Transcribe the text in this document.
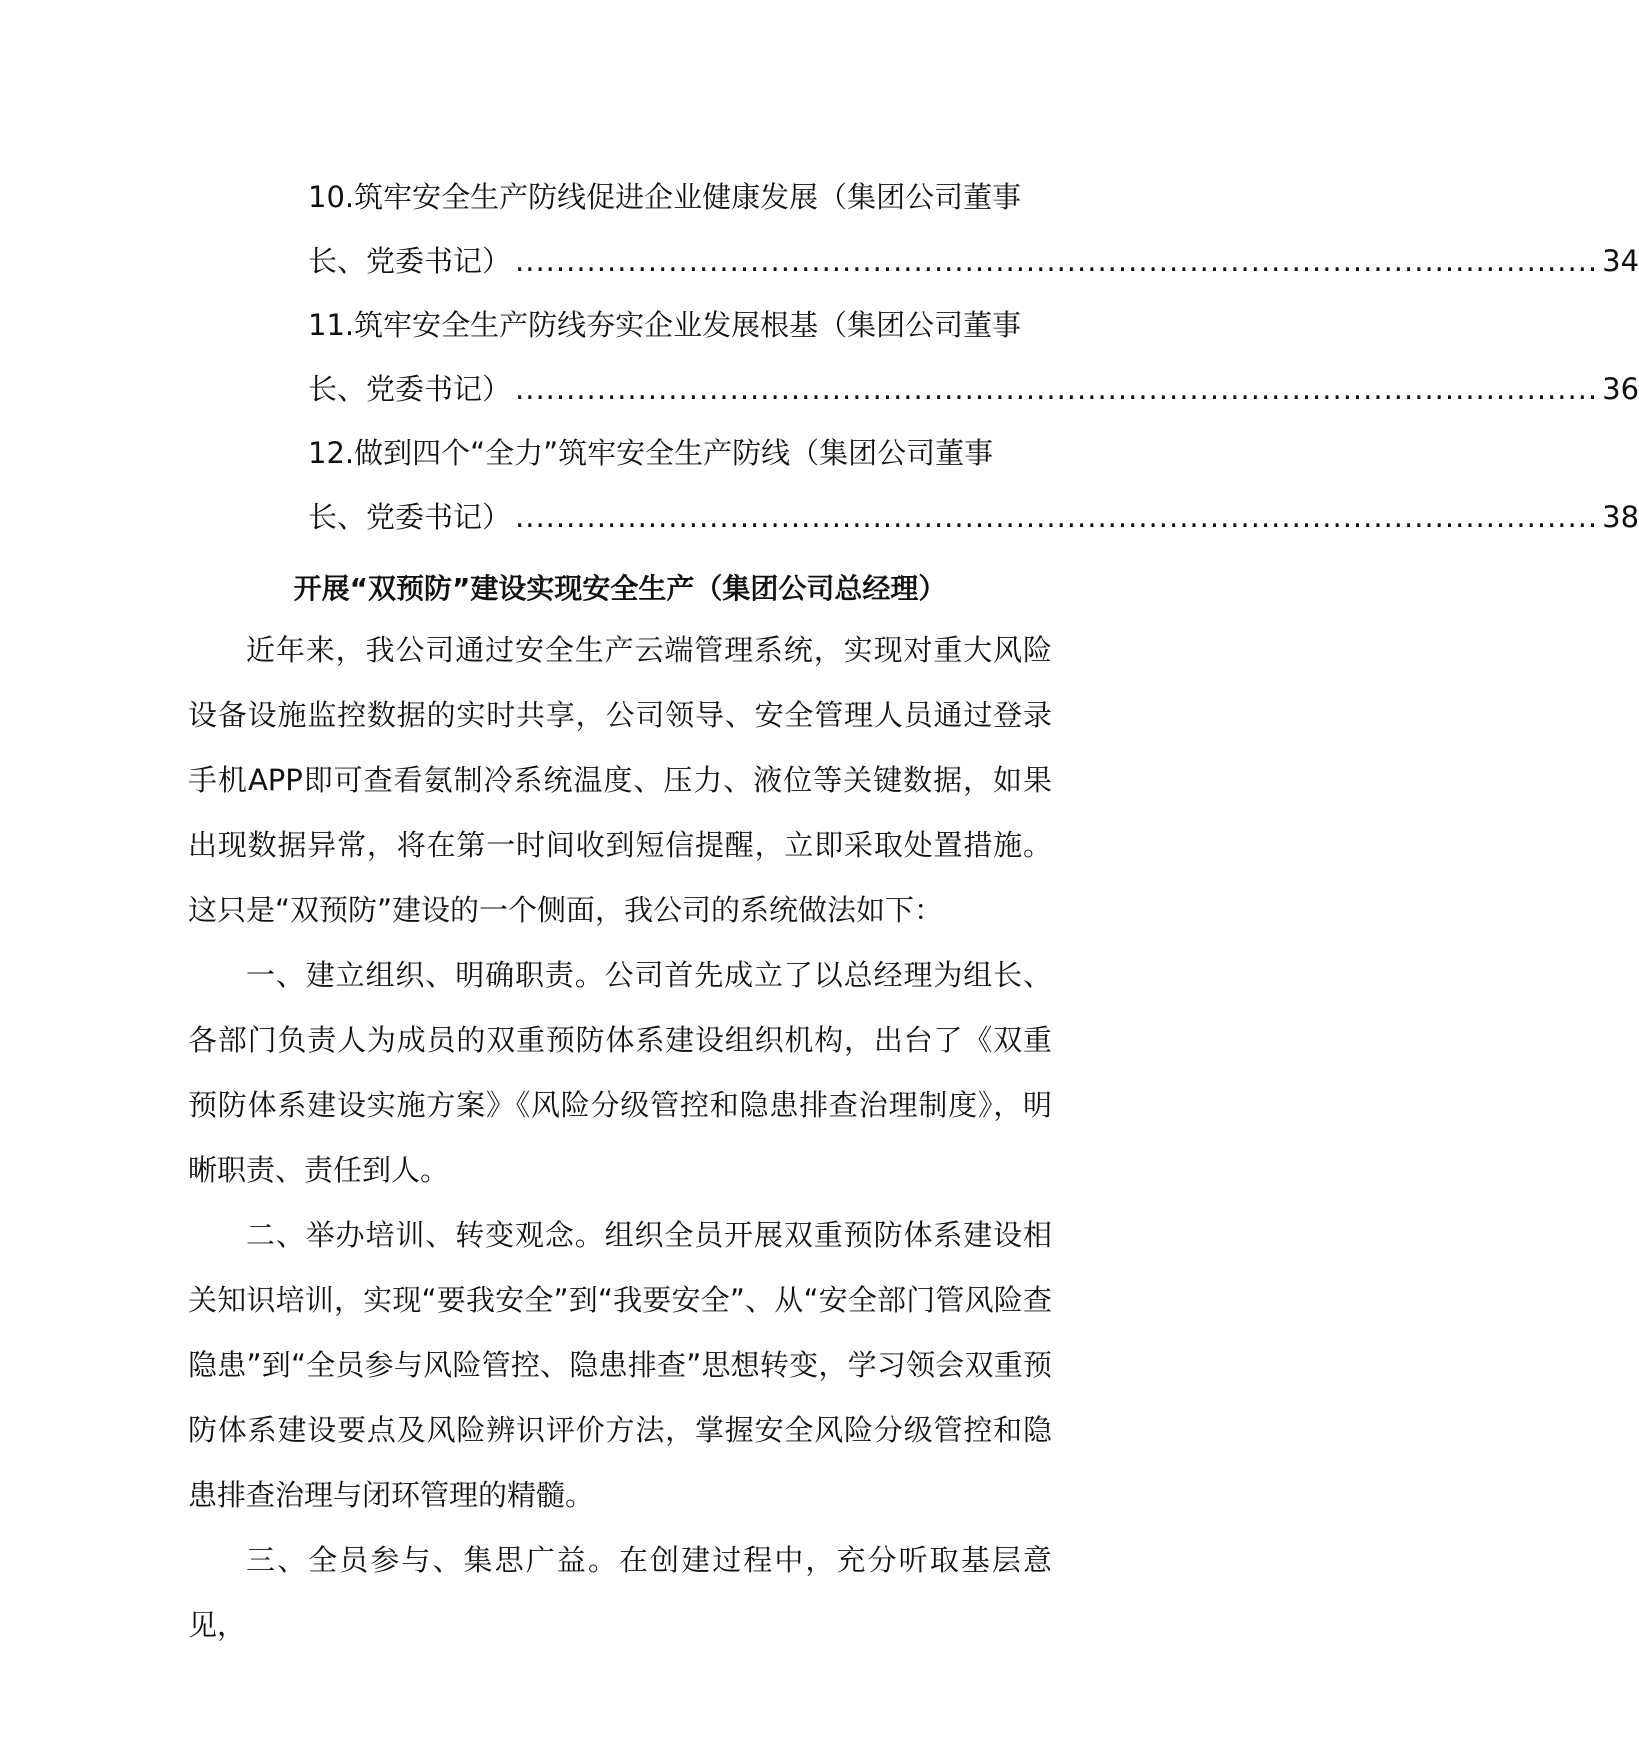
10.筑牢安全生产防线促进企业健康发展（集团公司董事
长、党委书记） .......................................................................................................... 34
11.筑牢安全生产防线夯实企业发展根基（集团公司董事
长、党委书记） .......................................................................................................... 36
12.做到四个“全力”筑牢安全生产防线（集团公司董事
长、党委书记） .......................................................................................................... 38
开展“双预防”建设实现安全生产（集团公司总经理）

近年来，我公司通过安全生产云端管理系统，实现对重大风险设备设施监控数据的实时共享，公司领导、安全管理人员通过登录手机APP即可查看氨制冷系统温度、压力、液位等关键数据，如果出现数据异常，将在第一时间收到短信提醒，立即采取处置措施。这只是“双预防”建设的一个侧面，我公司的系统做法如下：

一、建立组织、明确职责。公司首先成立了以总经理为组长、各部门负责人为成员的双重预防体系建设组织机构，出台了《双重预防体系建设实施方案》《风险分级管控和隐患排查治理制度》，明晰职责、责任到人。

二、举办培训、转变观念。组织全员开展双重预防体系建设相关知识培训，实现“要我安全”到“我要安全”、从“安全部门管风险查隐患”到“全员参与风险管控、隐患排查”思想转变，学习领会双重预防体系建设要点及风险辨识评价方法，掌握安全风险分级管控和隐患排查治理与闭环管理的精髓。

三、全员参与、集思广益。在创建过程中，充分听取基层意见，
